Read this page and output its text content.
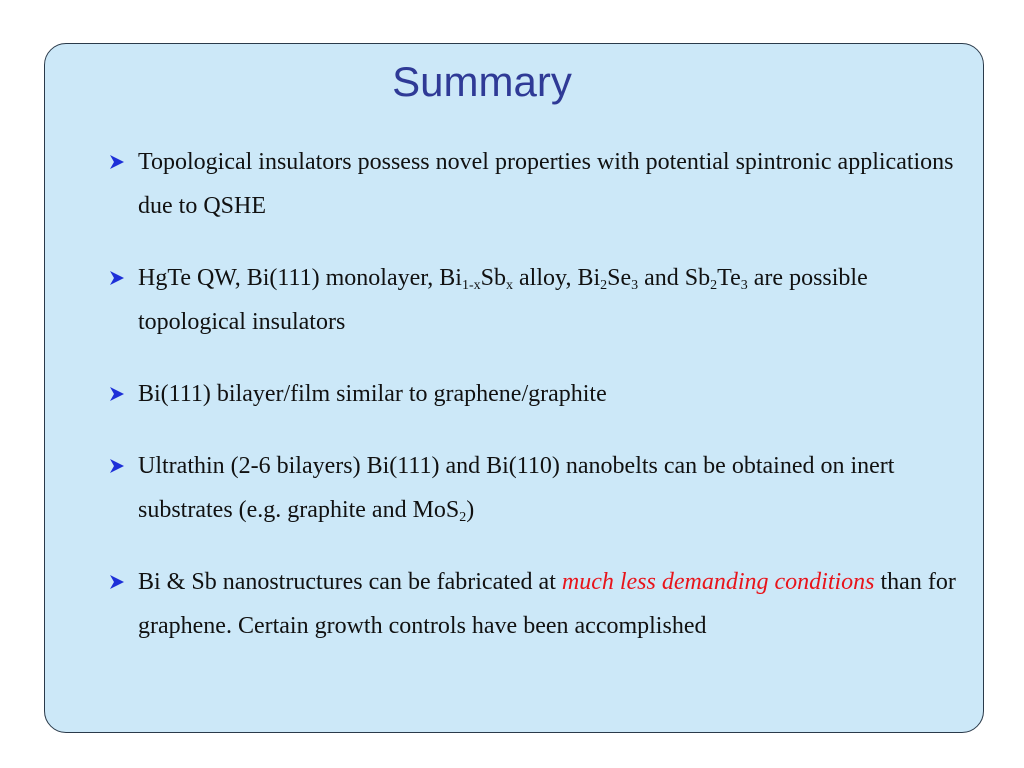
Summary
Topological insulators possess novel properties with potential spintronic applications due to QSHE
HgTe QW, Bi(111) monolayer, $Bi_{1-x}Sb_x$ alloy, $Bi_2Se_3$ and $Sb_2Te_3$ are possible topological insulators
Bi(111) bilayer/film similar to graphene/graphite
Ultrathin (2-6 bilayers) Bi(111) and Bi(110) nanobelts can be obtained on inert substrates (e.g. graphite and MoS$_2$)
Bi & Sb nanostructures can be fabricated at much less demanding conditions than for graphene. Certain growth controls have been accomplished
